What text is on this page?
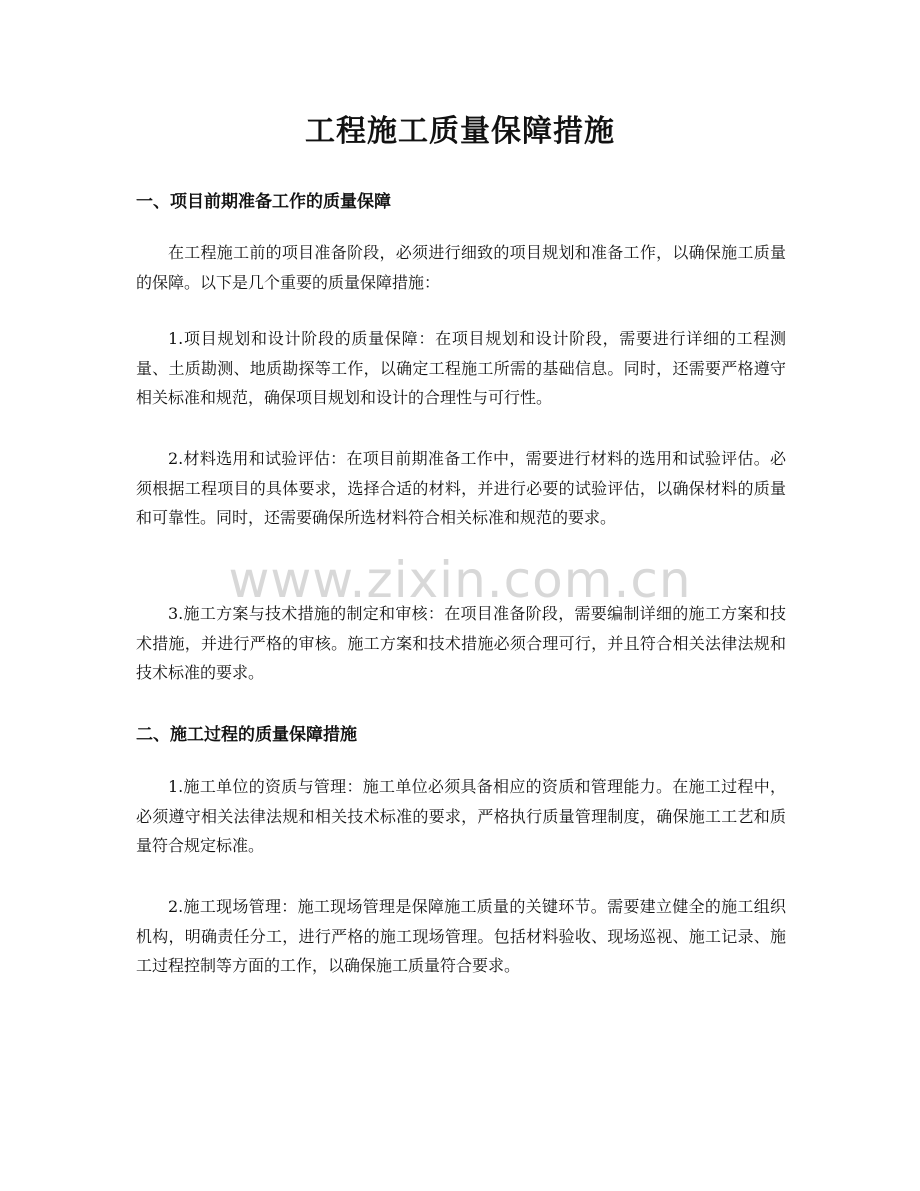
工程施工质量保障措施
一、项目前期准备工作的质量保障

在工程施工前的项目准备阶段，必须进行细致的项目规划和准备工作，以确保施工质量的保障。以下是几个重要的质量保障措施：

1.项目规划和设计阶段的质量保障：在项目规划和设计阶段，需要进行详细的工程测量、土质勘测、地质勘探等工作，以确定工程施工所需的基础信息。同时，还需要严格遵守相关标准和规范，确保项目规划和设计的合理性与可行性。

2.材料选用和试验评估：在项目前期准备工作中，需要进行材料的选用和试验评估。必须根据工程项目的具体要求，选择合适的材料，并进行必要的试验评估，以确保材料的质量和可靠性。同时，还需要确保所选材料符合相关标准和规范的要求。

3.施工方案与技术措施的制定和审核：在项目准备阶段，需要编制详细的施工方案和技术措施，并进行严格的审核。施工方案和技术措施必须合理可行，并且符合相关法律法规和技术标准的要求。

二、施工过程的质量保障措施

1.施工单位的资质与管理：施工单位必须具备相应的资质和管理能力。在施工过程中，必须遵守相关法律法规和相关技术标准的要求，严格执行质量管理制度，确保施工工艺和质量符合规定标准。

2.施工现场管理：施工现场管理是保障施工质量的关键环节。需要建立健全的施工组织机构，明确责任分工，进行严格的施工现场管理。包括材料验收、现场巡视、施工记录、施工过程控制等方面的工作，以确保施工质量符合要求。

www.zixin.com.cn
